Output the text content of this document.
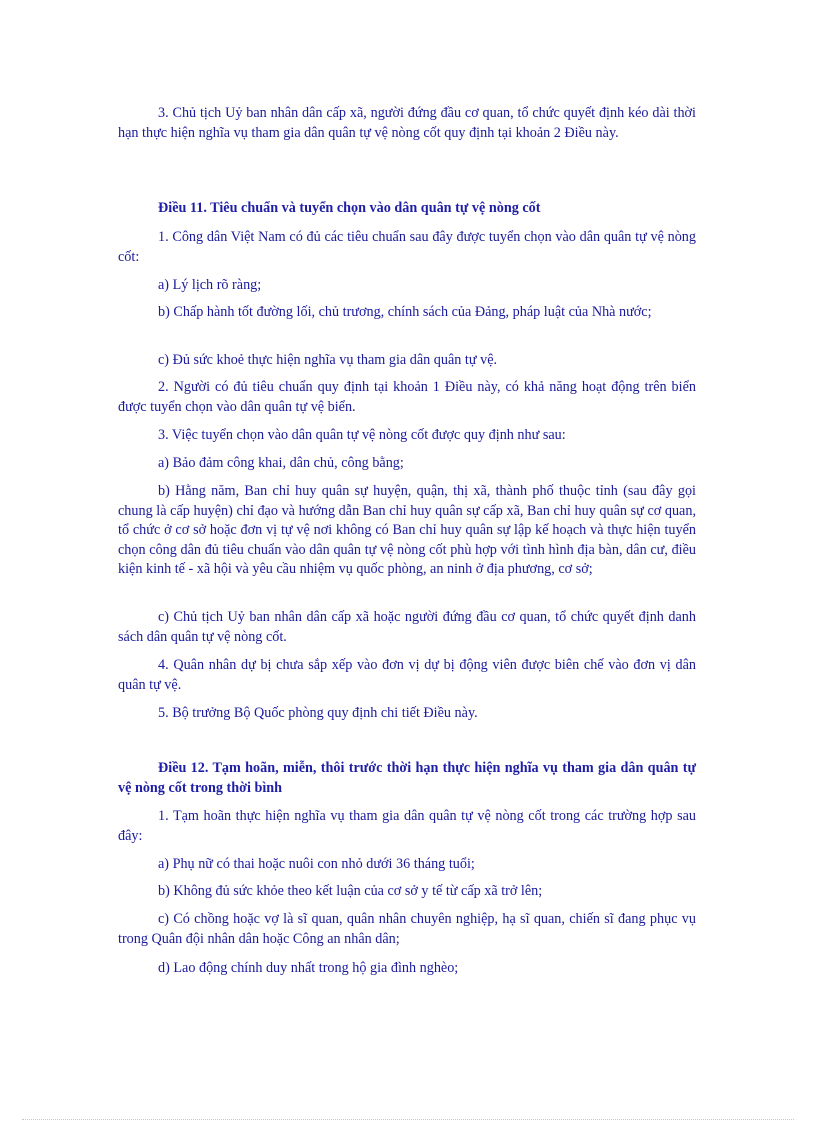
3. Chủ tịch Uỷ ban nhân dân cấp xã, người đứng đầu cơ quan, tổ chức quyết định kéo dài thời hạn thực hiện nghĩa vụ tham gia dân quân tự vệ nòng cốt quy định tại khoản 2 Điều này.

Điều 11. Tiêu chuẩn và tuyển chọn vào dân quân tự vệ nòng cốt

1. Công dân Việt Nam có đủ các tiêu chuẩn sau đây được tuyển chọn vào dân quân tự vệ nòng cốt:

a) Lý lịch rõ ràng;

b) Chấp hành tốt đường lối, chủ trương, chính sách của Đảng, pháp luật của Nhà nước;

c) Đủ sức khoẻ thực hiện nghĩa vụ tham gia dân quân tự vệ.

2. Người có đủ tiêu chuẩn quy định tại khoản 1 Điều này, có khả năng hoạt động trên biển được tuyển chọn vào dân quân tự vệ biển.

3. Việc tuyển chọn vào dân quân tự vệ nòng cốt được quy định như sau:

a) Bảo đảm công khai, dân chủ, công bằng;

b) Hằng năm, Ban chỉ huy quân sự huyện, quận, thị xã, thành phố thuộc tỉnh (sau đây gọi chung là cấp huyện) chỉ đạo và hướng dẫn Ban chỉ huy quân sự cấp xã, Ban chỉ huy quân sự cơ quan, tổ chức ở cơ sở hoặc đơn vị tự vệ nơi không có Ban chỉ huy quân sự lập kế hoạch và thực hiện tuyển chọn công dân đủ tiêu chuẩn vào dân quân tự vệ nòng cốt phù hợp với tình hình địa bàn, dân cư, điều kiện kinh tế - xã hội và yêu cầu nhiệm vụ quốc phòng, an ninh ở địa phương, cơ sở;

c) Chủ tịch Uỷ ban nhân dân cấp xã hoặc người đứng đầu cơ quan, tổ chức quyết định danh sách dân quân tự vệ nòng cốt.

4. Quân nhân dự bị chưa sắp xếp vào đơn vị dự bị động viên được biên chế vào đơn vị dân quân tự vệ.

5. Bộ trưởng Bộ Quốc phòng quy định chi tiết Điều này.

Điều 12. Tạm hoãn, miễn, thôi trước thời hạn thực hiện nghĩa vụ tham gia dân quân tự vệ nòng cốt trong thời bình

1. Tạm hoãn thực hiện nghĩa vụ tham gia dân quân tự vệ nòng cốt trong các trường hợp sau đây:

a) Phụ nữ có thai hoặc nuôi con nhỏ dưới 36 tháng tuổi;

b) Không đủ sức khỏe theo kết luận của cơ sở y tế từ cấp xã trở lên;

c) Có chồng hoặc vợ là sĩ quan, quân nhân chuyên nghiệp, hạ sĩ quan, chiến sĩ đang phục vụ trong Quân đội nhân dân hoặc Công an nhân dân;

d) Lao động chính duy nhất trong hộ gia đình nghèo;
